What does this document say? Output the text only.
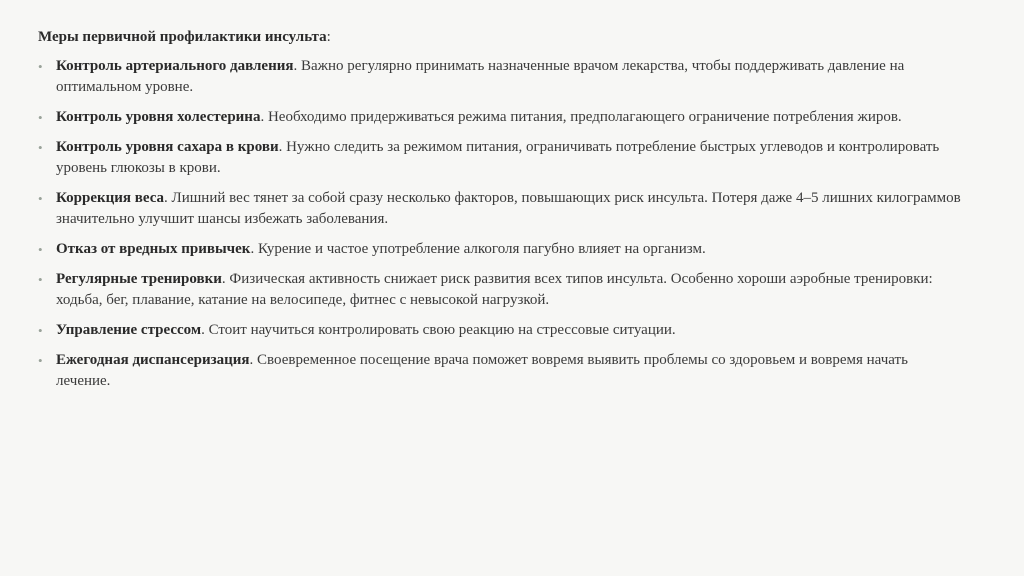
Меры первичной профилактики инсульта:

• Контроль артериального давления. Важно регулярно принимать назначенные врачом лекарства, чтобы поддерживать давление на оптимальном уровне.
• Контроль уровня холестерина. Необходимо придерживаться режима питания, предполагающего ограничение потребления жиров.
• Контроль уровня сахара в крови. Нужно следить за режимом питания, ограничивать потребление быстрых углеводов и контролировать уровень глюкозы в крови.
• Коррекция веса. Лишний вес тянет за собой сразу несколько факторов, повышающих риск инсульта. Потеря даже 4–5 лишних килограммов значительно улучшит шансы избежать заболевания.
• Отказ от вредных привычек. Курение и частое употребление алкоголя пагубно влияет на организм.
• Регулярные тренировки. Физическая активность снижает риск развития всех типов инсульта. Особенно хороши аэробные тренировки: ходьба, бег, плавание, катание на велосипеде, фитнес с невысокой нагрузкой.
• Управление стрессом. Стоит научиться контролировать свою реакцию на стрессовые ситуации.
• Ежегодная диспансеризация. Своевременное посещение врача поможет вовремя выявить проблемы со здоровьем и вовремя начать лечение.
